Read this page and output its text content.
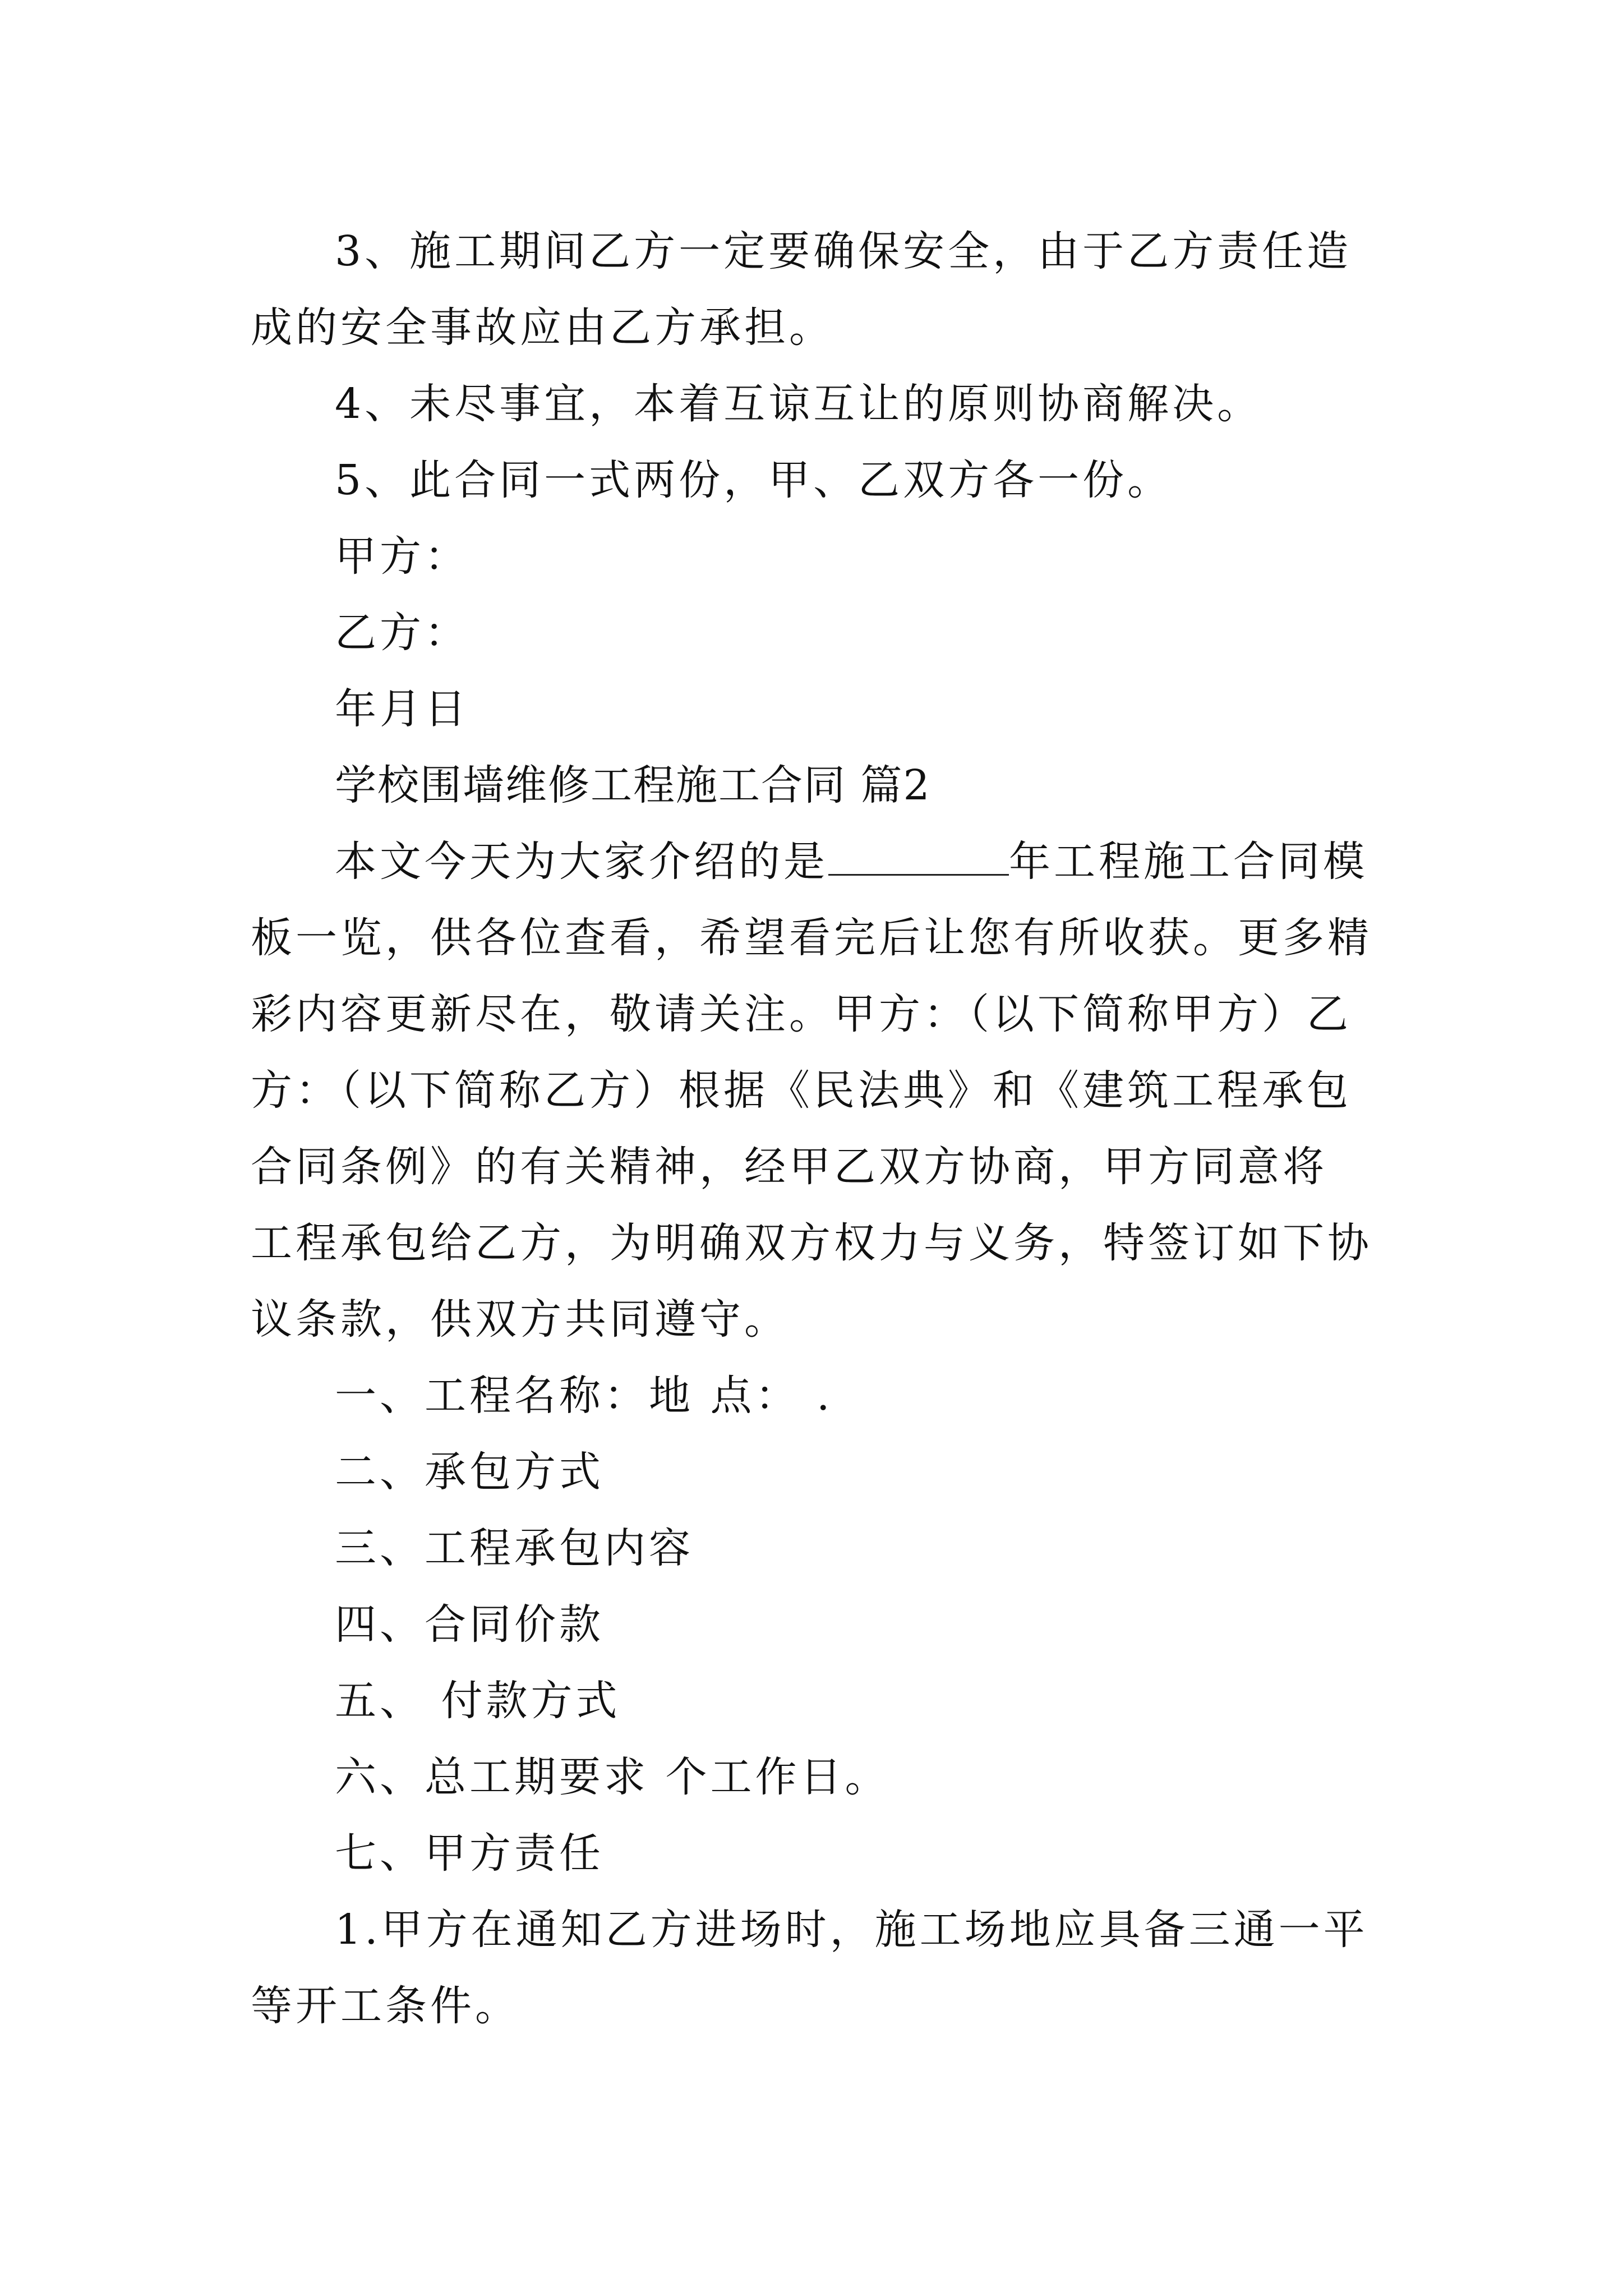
3、施工期间乙方一定要确保安全，由于乙方责任造成的安全事故应由乙方承担。

4、未尽事宜，本着互谅互让的原则协商解决。

5、此合同一式两份，甲、乙双方各一份。

甲方：

乙方：

年月日

学校围墙维修工程施工合同 篇2

本文今天为大家介绍的是	年工程施工合同模板一览，供各位查看，希望看完后让您有所收获。更多精彩内容更新尽在，敬请关注。甲方：（以下简称甲方）乙方：（以下简称乙方）根据《民法典》和《建筑工程承包合同条例》的有关精神，经甲乙双方协商，甲方同意将 工程承包给乙方，为明确双方权力与义务，特签订如下协议条款，供双方共同遵守。

一、工程名称：地 点： .

二、承包方式

三、工程承包内容

四、合同价款

五、 付款方式

六、总工期要求 个工作日。

七、甲方责任

1.甲方在通知乙方进场时，施工场地应具备三通一平等开工条件。
